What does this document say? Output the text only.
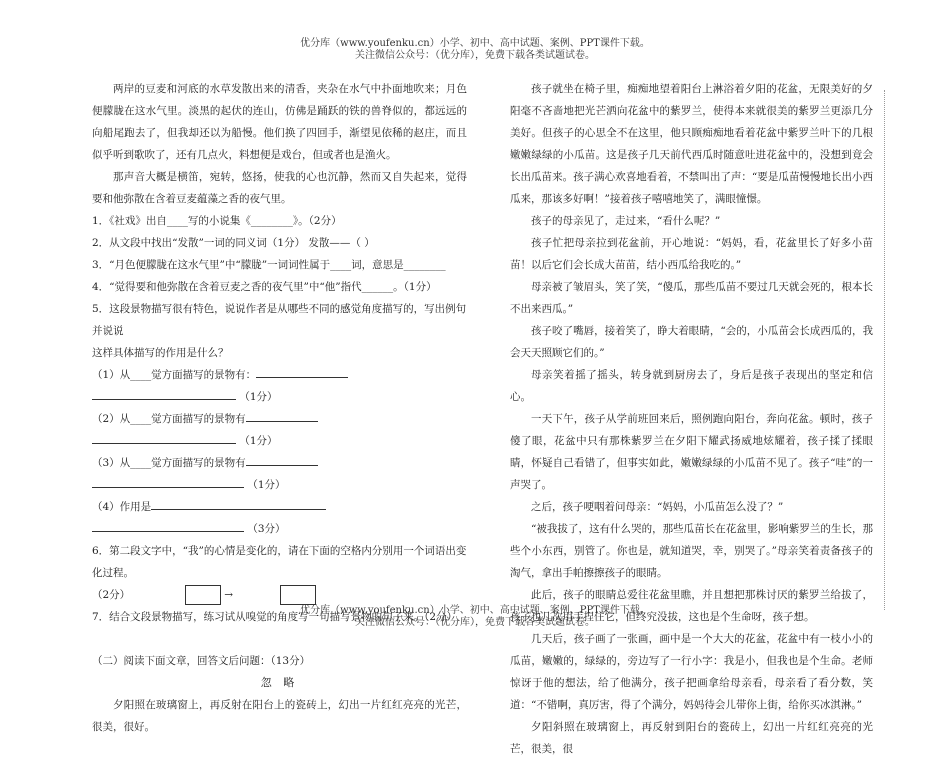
优分库（www.youfenku.cn）小学、初中、高中试题、案例、PPT课件下载。
关注微信公众号：（优分库），免费下载各类试题试卷。

两岸的豆麦和河底的水草发散出来的清香，夹杂在水气中扑面地吹来；月色便朦胧在这水气里。淡黑的起伏的连山，仿佛是踊跃的铁的兽脊似的，都远远的向船尾跑去了，但我却还以为船慢。他们换了四回手，渐望见依稀的赵庄，而且似乎听到歌吹了，还有几点火，料想便是戏台，但或者也是渔火。

那声音大概是横笛，宛转，悠扬，使我的心也沉静，然而又自失起来，觉得要和他弥散在含着豆麦蕴藻之香的夜气里。

1．《社戏》出自____写的小说集《________》。（2分）

2．从文段中找出“发散”一词的同义词（1分） 发散——（ ）

3．“月色便朦胧在这水气里”中“朦胧”一词词性属于____词，意思是________

4．“觉得要和他弥散在含着豆麦之香的夜气里”中“他”指代______。（1分）

5．这段景物描写很有特色，说说作者是从哪些不同的感觉角度描写的，写出例句并说说

这样具体描写的作用是什么？

（1）从____觉方面描写的景物有：

（1分）

（2）从____觉方面描写的景物有

（1分）

（3）从____觉方面描写的景物有

（1分）

（4）作用是

（3分）

6．第二段文字中，“我”的心情是变化的，请在下面的空格内分别用一个词语出变化过程。

（2分）	→

7．结合文段景物描写，练习试从嗅觉的角度写一句描写景物的句子来。（2分）

（二）阅读下面文章，回答文后问题：（13分）

忽 略

夕阳照在玻璃窗上，再反射在阳台上的瓷砖上，幻出一片红红亮亮的光芒，很美，很好。

孩子就坐在椅子里，痴痴地望着阳台上淋浴着夕阳的花盆，无限美好的夕阳毫不吝啬地把光芒洒向花盆中的紫罗兰，使得本来就很美的紫罗兰更添几分美好。但孩子的心思全不在这里，他只顾痴痴地看着花盆中紫罗兰叶下的几根嫩嫩绿绿的小瓜苗。这是孩子几天前代西瓜时随意吐进花盆中的，没想到竟会长出瓜苗来。孩子满心欢喜地看着，不禁叫出了声：“要是瓜苗慢慢地长出小西瓜来，那该多好啊！”接着孩子嘻嘻地笑了，满眼憧憬。

孩子的母亲见了，走过来，“看什么呢？”

孩子忙把母亲拉到花盆前，开心地说：“妈妈，看，花盆里长了好多小苗苗！以后它们会长成大苗苗，结小西瓜给我吃的。”

母亲被了皱眉头，笑了笑，“傻瓜，那些瓜苗不要过几天就会死的，根本长不出来西瓜。”

孩子咬了嘴唇，接着笑了，睁大着眼睛，“会的，小瓜苗会长成西瓜的，我会天天照顾它们的。”

母亲笑着摇了摇头，转身就到厨房去了，身后是孩子表现出的坚定和信心。

一天下午，孩子从学前班回来后，照例跑向阳台，奔向花盆。顿时，孩子傻了眼，花盆中只有那株紫罗兰在夕阳下耀武扬威地炫耀着，孩子揉了揉眼睛，怀疑自己看错了，但事实如此，嫩嫩绿绿的小瓜苗不见了。孩子“哇”的一声哭了。

之后，孩子哽咽着问母亲：“妈妈，小瓜苗怎么没了？”

“被我拔了，这有什么哭的，那些瓜苗长在花盆里，影响紫罗兰的生长，那些个小东西，别管了。你也是，就知道哭，幸，别哭了。”母亲笑着责备孩子的淘气，拿出手帕擦擦孩子的眼睛。

此后，孩子的眼睛总爱往花盆里瞧，并且想把那株讨厌的紫罗兰给拔了，孩子也几次用手捏住它，但终究没拔，这也是个生命呀，孩子想。

几天后，孩子画了一张画，画中是一个大大的花盆，花盆中有一枝小小的瓜苗，嫩嫩的，绿绿的，旁边写了一行小字：我是小，但我也是个生命。老师惊讶于他的想法，给了他满分，孩子把画拿给母亲看，母亲看了看分数，笑道：“不错啊，真厉害，得了个满分，妈妈待会儿带你上街，给你买冰淇淋。”

夕阳斜照在玻璃窗上，再反射到阳台的瓷砖上，幻出一片红红亮亮的光芒，很美，很

优分库（www.youfenku.cn）小学、初中、高中试题、案例、PPT课件下载。
关注微信公众号：（优分库），免费下载各类试题试卷。
